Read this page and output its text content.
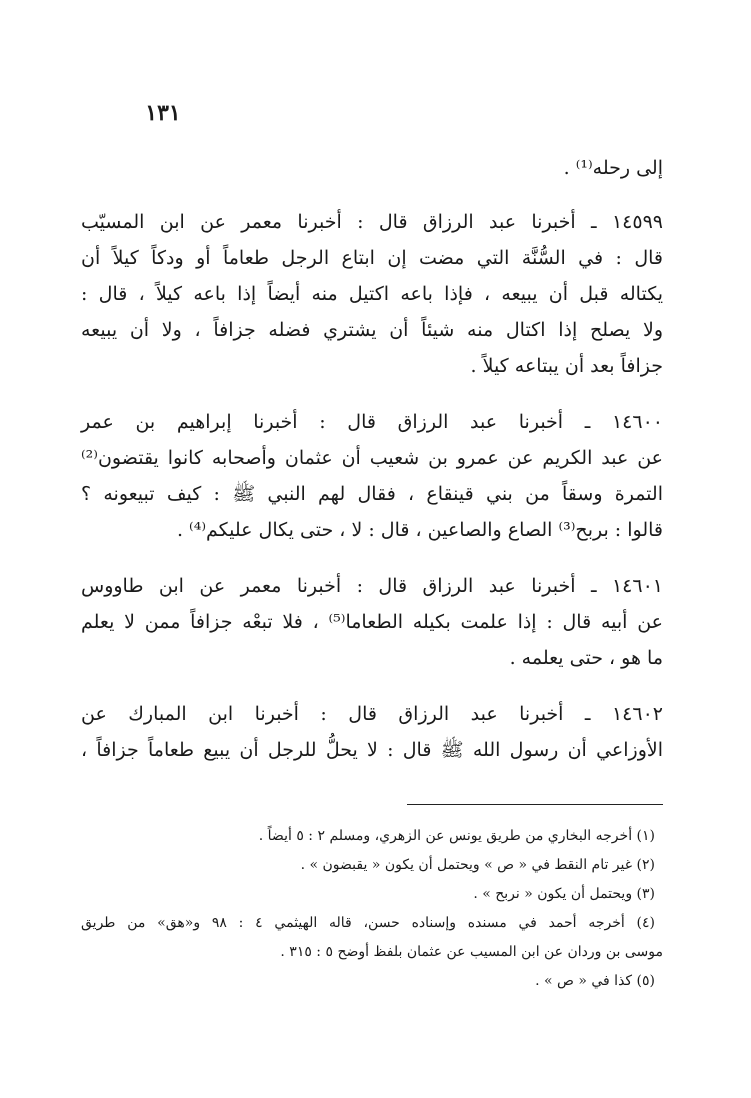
١٣١
إلى رحله⁽¹⁾ .
١٤٥٩٩ ـ أخبرنا عبد الرزاق قال : أخبرنا معمر عن ابن المسيّب
قال : في السُّنَّة التي مضت إن ابتاع الرجل طعاماً أو ودكاً كيلاً أن
يكتاله قبل أن يبيعه ، فإذا باعه اكتيل منه أيضاً إذا باعه كيلاً ، قال :
ولا يصلح إذا اكتال منه شيئاً أن يشتري فضله جزافاً ، ولا أن يبيعه
جزافاً بعد أن يبتاعه كيلاً .
١٤٦٠٠ ـ أخبرنا عبد الرزاق قال : أخبرنا إبراهيم بن عمر
عن عبد الكريم عن عمرو بن شعيب أن عثمان وأصحابه كانوا يقتضون⁽²⁾
التمرة وسقاً من بني قينقاع ، فقال لهم النبي ﷺ : كيف تبيعونه ؟
قالوا : بربح⁽³⁾ الصاع والصاعين ، قال : لا ، حتى يكال عليكم⁽⁴⁾ .
١٤٦٠١ ـ أخبرنا عبد الرزاق قال : أخبرنا معمر عن ابن طاووس
عن أبيه قال : إذا علمت بكيله الطعاما⁽⁵⁾ ، فلا تبعْه جزافاً ممن لا يعلم
ما هو ، حتى يعلمه .
١٤٦٠٢ ـ أخبرنا عبد الرزاق قال : أخبرنا ابن المبارك عن
الأوزاعي أن رسول الله ﷺ قال : لا يحلُّ للرجل أن يبيع طعاماً جزافاً ،
(١) أخرجه البخاري من طريق يونس عن الزهري، ومسلم ٢ : ٥ أيضاً .
(٢) غير تام النقط في « ص » ويحتمل أن يكون « يقبضون » .
(٣) ويحتمل أن يكون « نربح » .
(٤) أخرجه أحمد في مسنده وإسناده حسن، قاله الهيثمي ٤ : ٩٨ و«هق» من طريق
موسى بن وردان عن ابن المسيب عن عثمان بلفظ أوضح ٥ : ٣١٥ .
(٥) كذا في « ص » .
